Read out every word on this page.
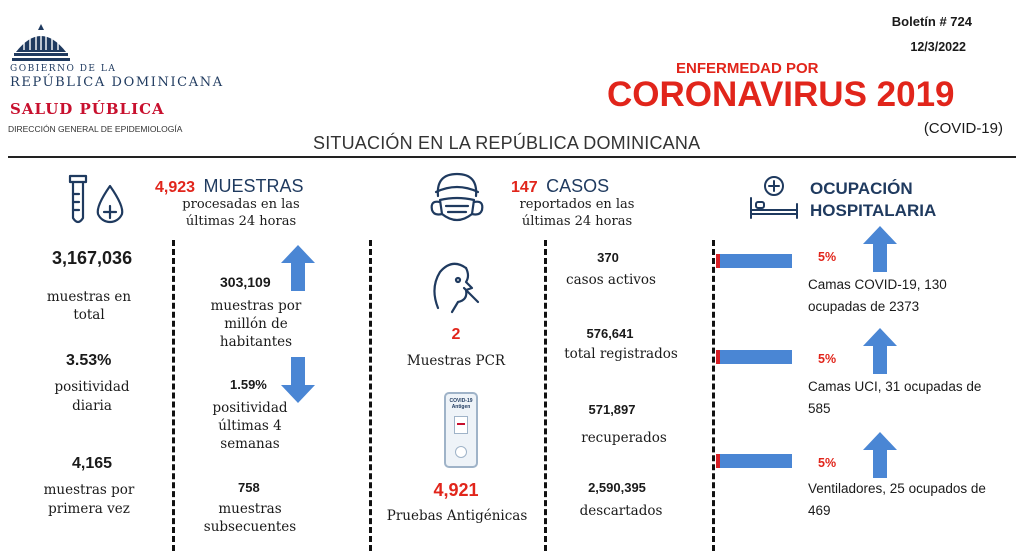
GOBIERNO DE LA
REPÚBLICA DOMINICANA
SALUD PÚBLICA
DIRECCIÓN GENERAL DE EPIDEMIOLOGÍA
Boletín # 724
12/3/2022
ENFERMEDAD POR
CORONAVIRUS 2019
(COVID-19)
SITUACIÓN EN LA REPÚBLICA DOMINICANA
4,923 MUESTRAS
procesadas en las últimas 24 horas
3,167,036
muestras en total
3.53%
positividad diaria
4,165
muestras por primera vez
303,109
muestras por millón de habitantes
1.59%
positividad últimas 4 semanas
758
muestras subsecuentes
147 CASOS
reportados en las últimas 24 horas
2
Muestras PCR
COVID-19 Antigen
4,921
Pruebas Antigénicas
370
casos activos
576,641
total registrados
571,897
recuperados
2,590,395
descartados
OCUPACIÓN HOSPITALARIA
5%
Camas COVID-19, 130 ocupadas de 2373
5%
Camas UCI, 31 ocupadas de 585
5%
Ventiladores, 25 ocupados de 469
